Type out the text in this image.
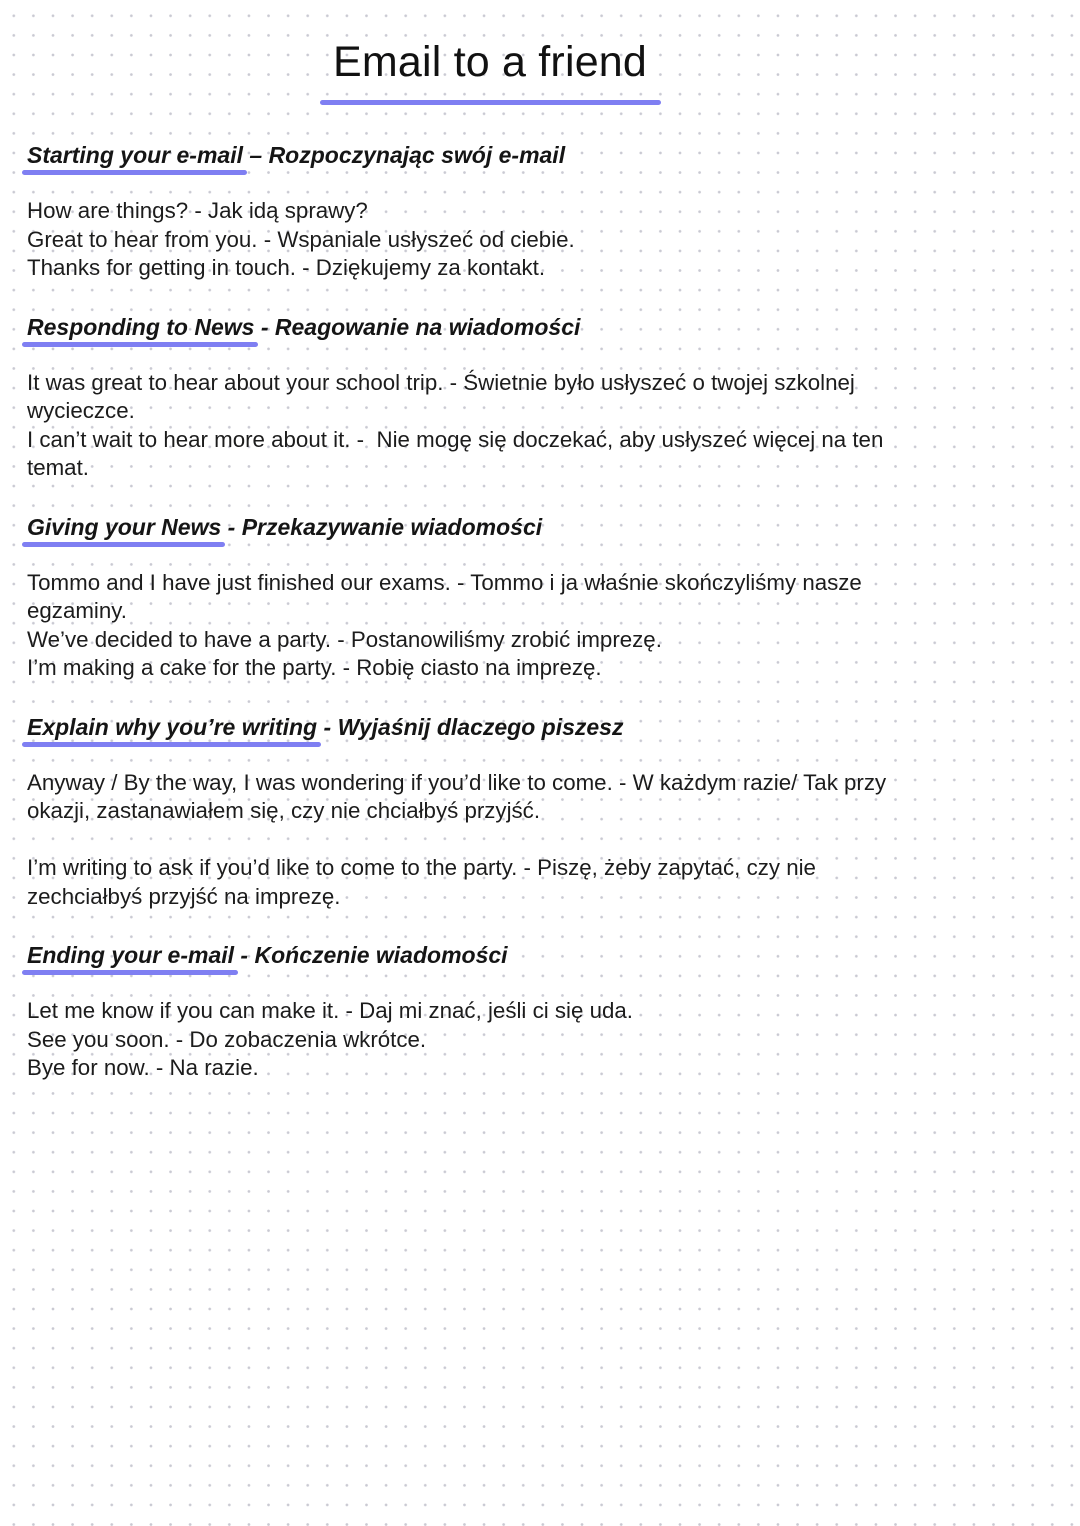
Email to a friend
Starting your e-mail – Rozpoczynając swój e-mail
How are things? - Jak idą sprawy?
Great to hear from you. - Wspaniale usłyszeć od ciebie.
Thanks for getting in touch. - Dziękujemy za kontakt.
Responding to News - Reagowanie na wiadomości
It was great to hear about your school trip. - Świetnie było usłyszeć o twojej szkolnej
wycieczce.
I can’t wait to hear more about it. -  Nie mogę się doczekać, aby usłyszeć więcej na ten
temat.
Giving your News - Przekazywanie wiadomości
Tommo and I have just finished our exams. - Tommo i ja właśnie skończyliśmy nasze
egzaminy.
We’ve decided to have a party. - Postanowiliśmy zrobić imprezę.
I’m making a cake for the party. - Robię ciasto na imprezę.
Explain why you’re writing - Wyjaśnij dlaczego piszesz
Anyway / By the way, I was wondering if you’d like to come. - W każdym razie/ Tak przy
okazji, zastanawiałem się, czy nie chciałbyś przyjść.
I’m writing to ask if you’d like to come to the party. - Piszę, żeby zapytać, czy nie
zechciałbyś przyjść na imprezę.
Ending your e-mail - Kończenie wiadomości
Let me know if you can make it. - Daj mi znać, jeśli ci się uda.
See you soon. - Do zobaczenia wkrótce.
Bye for now. - Na razie.
